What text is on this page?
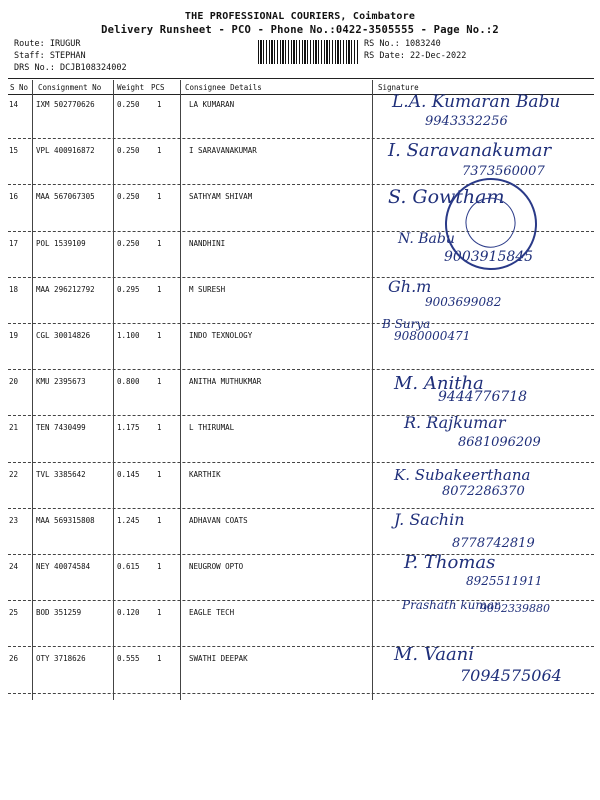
THE PROFESSIONAL COURIERS, Coimbatore
Delivery Runsheet - PCO - Phone No.:0422-3505555 - Page No.:2
Route: IRUGUR
Staff: STEPHAN
DRS No.: DCJB108324002
RS No.: 1083240
RS Date: 22-Dec-2022
S No Consignment No Weight PCS	Consignee Details	Signature
14 IXM 502770626	0.250 1	LA KUMARAN	L.A. Kumaran Babu
9943332256
15 VPL 400916872	0.250 1	I SARAVANAKUMAR	I. Saravanakumar
7373560007
16 MAA 567067305	0.250 1	SATHYAM SHIVAM	S. Gowtham
17 POL 1539109	0.250 1	NANDHINI	N. Babu
9003915845
18 MAA 296212792	0.295 1	M SURESH	Gh.m
9003699082
19 CGL 30014826	1.100 1	INDO TEXNOLOGY
B Surya
9080000471
20 KMU 2395673	0.800 1	ANITHA MUTHUKMAR	M. Anitha
9444776718
21 TEN 7430499	1.175 1	L THIRUMAL	R. Rajkumar
8681096209
22 TVL 3385642	0.145 1	KARTHIK	K. Subakeerthana
8072286370
23 MAA 569315808	1.245 1	ADHAVAN COATS	J. Sachin
8778742819
24 NEY 40074584	0.615 1	NEUGROW OPTO	P. Thomas
8925511911
25 BOD 351259	0.120 1	EAGLE TECH
Prashath kumar
9092339880
26 OTY 3718626	0.555 1	SWATHI DEEPAK	M. Vaani
7094575064
